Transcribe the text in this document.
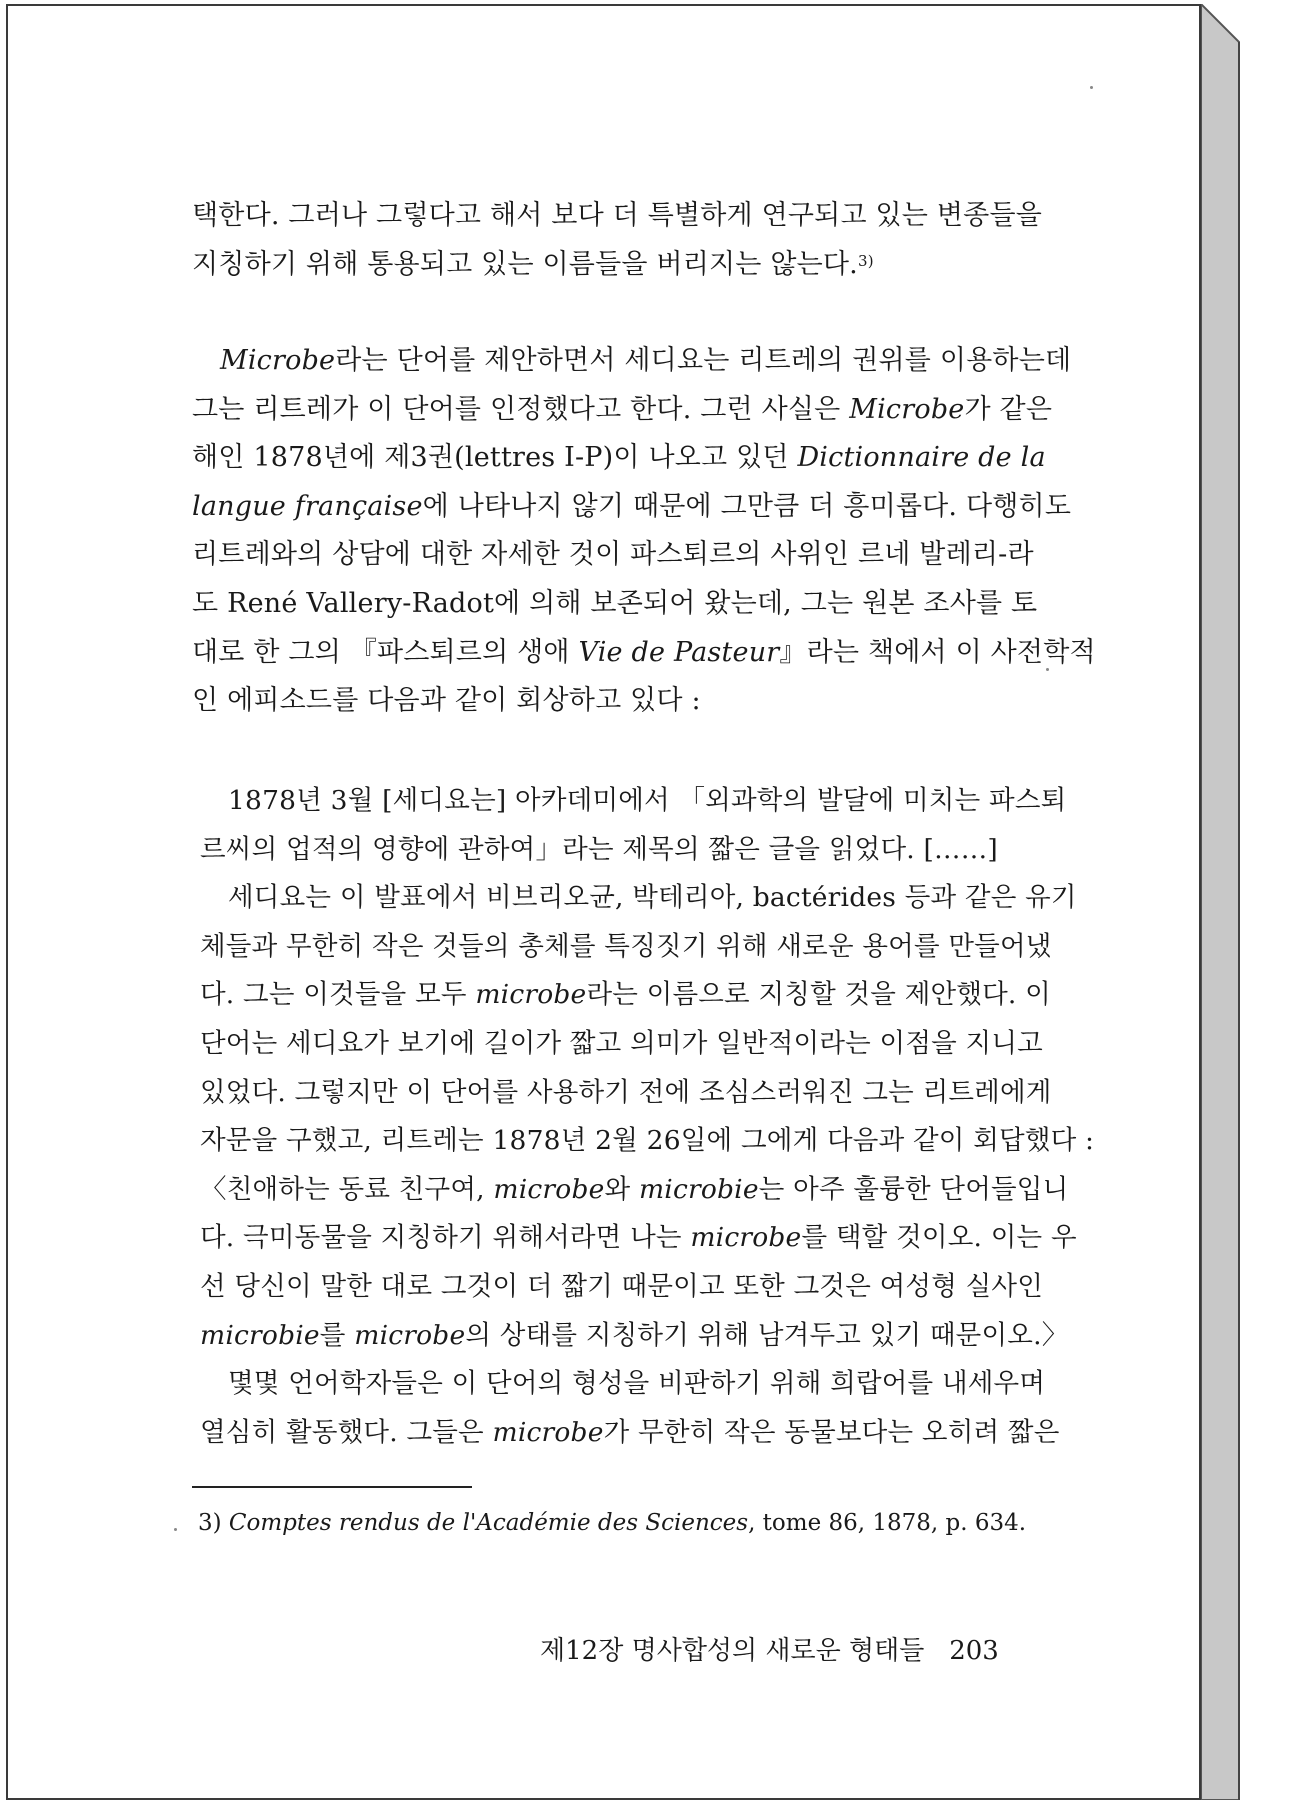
택한다. 그러나 그렇다고 해서 보다 더 특별하게 연구되고 있는 변종들을
지칭하기 위해 통용되고 있는 이름들을 버리지는 않는다.$^{3)}$
Microbe라는 단어를 제안하면서 세디요는 리트레의 권위를 이용하는데
그는 리트레가 이 단어를 인정했다고 한다. 그런 사실은 Microbe가 같은
해인 1878년에 제3권(lettres I-P)이 나오고 있던 Dictionnaire de la
langue française에 나타나지 않기 때문에 그만큼 더 흥미롭다. 다행히도
리트레와의 상담에 대한 자세한 것이 파스퇴르의 사위인 르네 발레리-라
도 René Vallery-Radot에 의해 보존되어 왔는데, 그는 원본 조사를 토
대로 한 그의 『파스퇴르의 생애 Vie de Pasteur』라는 책에서 이 사전학적
인 에피소드를 다음과 같이 회상하고 있다 :
1878년 3월 [세디요는] 아카데미에서 「외과학의 발달에 미치는 파스퇴
르씨의 업적의 영향에 관하여」라는 제목의 짧은 글을 읽었다. [……]
세디요는 이 발표에서 비브리오균, 박테리아, bactérides 등과 같은 유기
체들과 무한히 작은 것들의 총체를 특징짓기 위해 새로운 용어를 만들어냈
다. 그는 이것들을 모두 microbe라는 이름으로 지칭할 것을 제안했다. 이
단어는 세디요가 보기에 길이가 짧고 의미가 일반적이라는 이점을 지니고
있었다. 그렇지만 이 단어를 사용하기 전에 조심스러워진 그는 리트레에게
자문을 구했고, 리트레는 1878년 2월 26일에 그에게 다음과 같이 회답했다 :
〈친애하는 동료 친구여, microbe와 microbie는 아주 훌륭한 단어들입니
다. 극미동물을 지칭하기 위해서라면 나는 microbe를 택할 것이오. 이는 우
선 당신이 말한 대로 그것이 더 짧기 때문이고 또한 그것은 여성형 실사인
microbie를 microbe의 상태를 지칭하기 위해 남겨두고 있기 때문이오.〉
몇몇 언어학자들은 이 단어의 형성을 비판하기 위해 희랍어를 내세우며
열심히 활동했다. 그들은 microbe가 무한히 작은 동물보다는 오히려 짧은
3) Comptes rendus de l'Académie des Sciences, tome 86, 1878, p. 634.
제12장 명사합성의 새로운 형태들 203
